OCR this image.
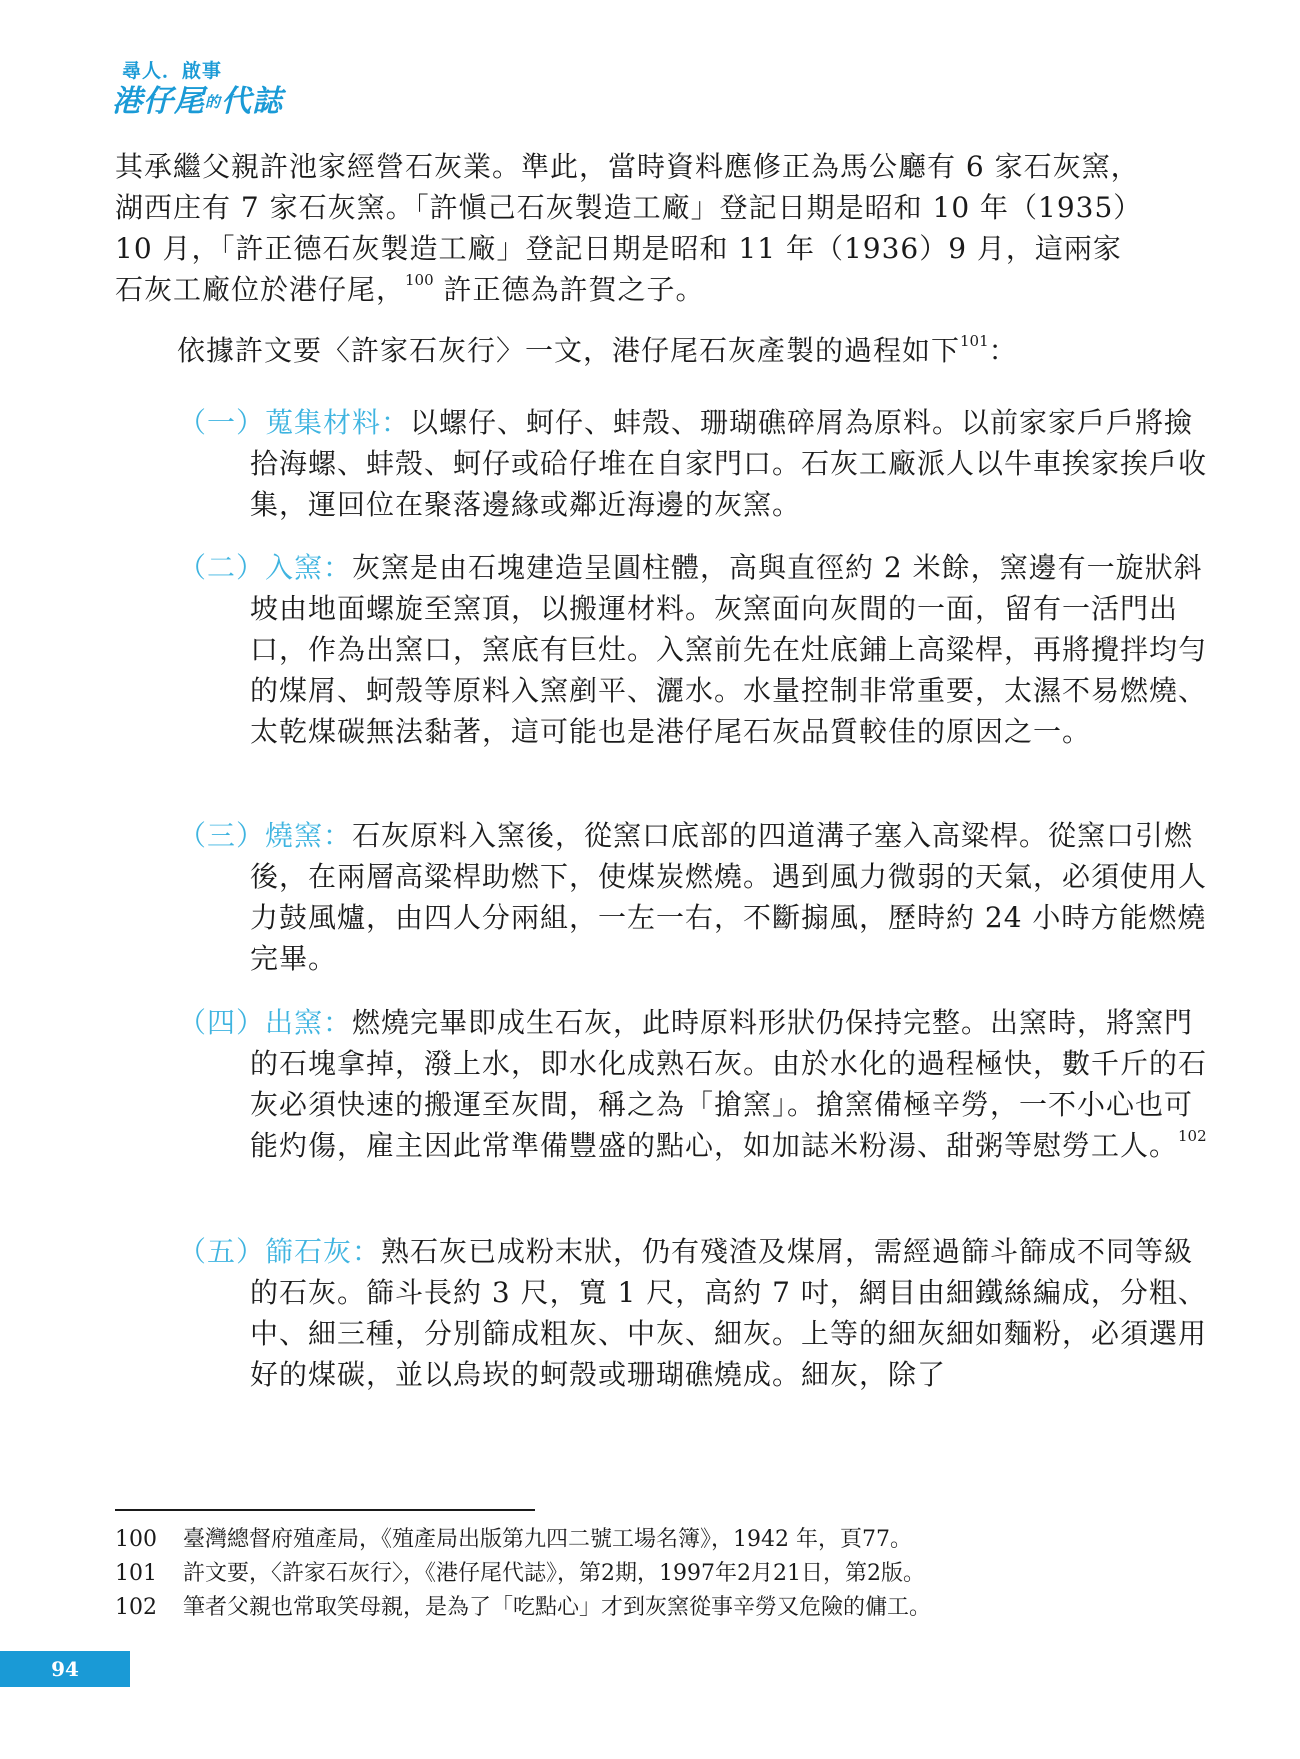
尋人．啟事
港仔尾的代誌

其承繼父親許池家經營石灰業。準此，當時資料應修正為馬公廳有 6 家石灰窯，湖西庄有 7 家石灰窯。「許愼己石灰製造工廠」登記日期是昭和 10 年（1935）10 月，「許正德石灰製造工廠」登記日期是昭和 11 年（1936）9 月，這兩家石灰工廠位於港仔尾，$^{100}$ 許正德為許賀之子。

依據許文要〈許家石灰行〉一文，港仔尾石灰產製的過程如下$^{101}$：

（一）蒐集材料：以螺仔、蚵仔、蚌殼、珊瑚礁碎屑為原料。以前家家戶戶將撿拾海螺、蚌殼、蚵仔或硆仔堆在自家門口。石灰工廠派人以牛車挨家挨戶收集，運回位在聚落邊緣或鄰近海邊的灰窯。

（二）入窯：灰窯是由石塊建造呈圓柱體，高與直徑約 2 米餘，窯邊有一旋狀斜坡由地面螺旋至窯頂，以搬運材料。灰窯面向灰間的一面，留有一活門出口，作為出窯口，窯底有巨灶。入窯前先在灶底鋪上高粱桿，再將攪拌均勻的煤屑、蚵殼等原料入窯剷平、灑水。水量控制非常重要，太濕不易燃燒、太乾煤碳無法黏著，這可能也是港仔尾石灰品質較佳的原因之一。

（三）燒窯：石灰原料入窯後，從窯口底部的四道溝子塞入高粱桿。從窯口引燃後，在兩層高粱桿助燃下，使煤炭燃燒。遇到風力微弱的天氣，必須使用人力鼓風爐，由四人分兩組，一左一右，不斷搧風，歷時約 24 小時方能燃燒完畢。

（四）出窯：燃燒完畢即成生石灰，此時原料形狀仍保持完整。出窯時，將窯門的石塊拿掉，潑上水，即水化成熟石灰。由於水化的過程極快，數千斤的石灰必須快速的搬運至灰間，稱之為「搶窯」。搶窯備極辛勞，一不小心也可能灼傷，雇主因此常準備豐盛的點心，如加誌米粉湯、甜粥等慰勞工人。$^{102}$

（五）篩石灰：熟石灰已成粉末狀，仍有殘渣及煤屑，需經過篩斗篩成不同等級的石灰。篩斗長約 3 尺，寬 1 尺，高約 7 吋，網目由細鐵絲編成，分粗、中、細三種，分別篩成粗灰、中灰、細灰。上等的細灰細如麵粉，必須選用好的煤碳，並以烏崁的蚵殼或珊瑚礁燒成。細灰，除了

100	臺灣總督府殖產局，《殖產局出版第九四二號工場名簿》，1942 年，頁77。
101	許文要，〈許家石灰行〉，《港仔尾代誌》，第2期，1997年2月21日，第2版。
102	筆者父親也常取笑母親，是為了「吃點心」才到灰窯從事辛勞又危險的傭工。
94
